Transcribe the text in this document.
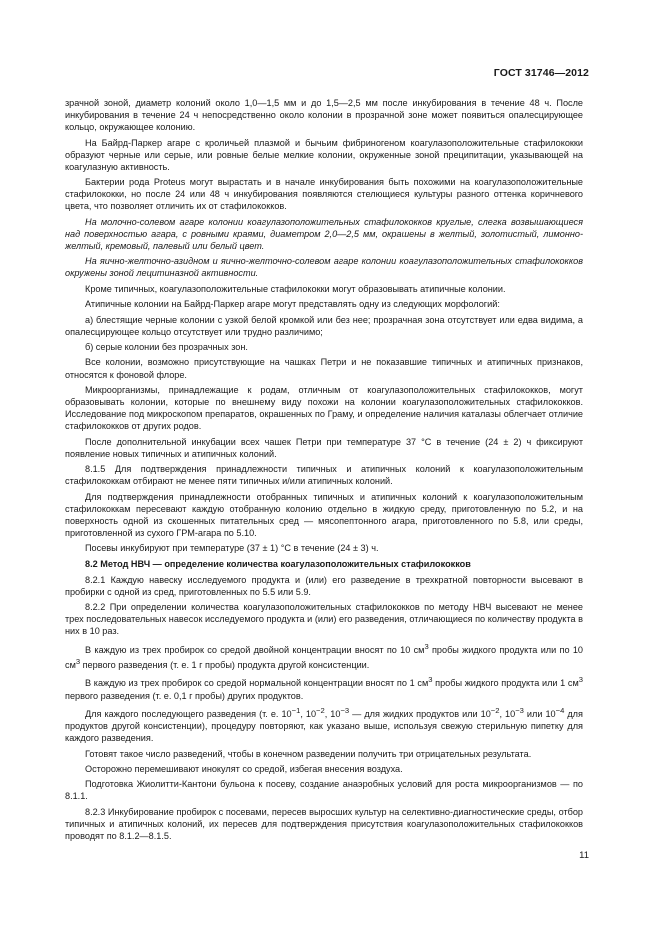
ГОСТ 31746—2012

зрачной зоной, диаметр колоний около 1,0—1,5 мм и до 1,5—2,5 мм после инкубирования в течение 48 ч. После инкубирования в течение 24 ч непосредственно около колонии в прозрачной зоне может появиться опалесцирующее кольцо, окружающее колонию.

На Байрд-Паркер агаре с кроличьей плазмой и бычьим фибриногеном коагулазоположительные стафилококки образуют черные или серые, или ровные белые мелкие колонии, окруженные зоной преципитации, указывающей на коагулазную активность.

Бактерии рода Proteus могут вырастать и в начале инкубирования быть похожими на коагулазоположительные стафилококки, но после 24 или 48 ч инкубирования появляются стелющиеся культуры разного оттенка коричневого цвета, что позволяет отличить их от стафилококков.

На молочно-солевом агаре колонии коагулазоположительных стафилококков круглые, слегка возвышающиеся над поверхностью агара, с ровными краями, диаметром 2,0—2,5 мм, окрашены в желтый, золотистый, лимонно-желтый, кремовый, палевый или белый цвет.

На яично-желточно-азидном и яично-желточно-солевом агаре колонии коагулазоположительных стафилококков окружены зоной лецитиназной активности.

Кроме типичных, коагулазоположительные стафилококки могут образовывать атипичные колонии.

Атипичные колонии на Байрд-Паркер агаре могут представлять одну из следующих морфологий:

а) блестящие черные колонии с узкой белой кромкой или без нее; прозрачная зона отсутствует или едва видима, а опалесцирующее кольцо отсутствует или трудно различимо;

б) серые колонии без прозрачных зон.

Все колонии, возможно присутствующие на чашках Петри и не показавшие типичных и атипичных признаков, относятся к фоновой флоре.

Микроорганизмы, принадлежащие к родам, отличным от коагулазоположительных стафилококков, могут образовывать колонии, которые по внешнему виду похожи на колонии коагулазоположительных стафилококков. Исследование под микроскопом препаратов, окрашенных по Граму, и определение наличия каталазы облегчает отличие стафилококков от других родов.

После дополнительной инкубации всех чашек Петри при температуре 37 °С в течение (24 ± 2) ч фиксируют появление новых типичных и атипичных колоний.

8.1.5 Для подтверждения принадлежности типичных и атипичных колоний к коагулазоположительным стафилококкам отбирают не менее пяти типичных и/или атипичных колоний.

Для подтверждения принадлежности отобранных типичных и атипичных колоний к коагулазоположительным стафилококкам пересевают каждую отобранную колонию отдельно в жидкую среду, приготовленную по 5.2, и на поверхность одной из скошенных питательных сред — мясопептонного агара, приготовленного по 5.8, или среды, приготовленной из сухого ГРМ-агара по 5.10.

Посевы инкубируют при температуре (37 ± 1) °С в течение (24 ± 3) ч.

8.2 Метод НВЧ — определение количества коагулазоположительных стафилококков

8.2.1 Каждую навеску исследуемого продукта и (или) его разведение в трехкратной повторности высевают в пробирки с одной из сред, приготовленных по 5.5 или 5.9.

8.2.2 При определении количества коагулазоположительных стафилококков по методу НВЧ высевают не менее трех последовательных навесок исследуемого продукта и (или) его разведения, отличающиеся по количеству продукта в них в 10 раз.

В каждую из трех пробирок со средой двойной концентрации вносят по 10 $см^3$ пробы жидкого продукта или по 10 $см^3$ первого разведения (т. е. 1 г пробы) продукта другой консистенции.

В каждую из трех пробирок со средой нормальной концентрации вносят по 1 $см^3$ пробы жидкого продукта или 1 $см^3$ первого разведения (т. е. 0,1 г пробы) других продуктов.

Для каждого последующего разведения (т. е. $10^{-1}$, $10^{-2}$, $10^{-3}$ — для жидких продуктов или $10^{-2}$, $10^{-3}$ или $10^{-4}$ для продуктов другой консистенции), процедуру повторяют, как указано выше, используя свежую стерильную пипетку для каждого разведения.

Готовят такое число разведений, чтобы в конечном разведении получить три отрицательных результата.

Осторожно перемешивают инокулят со средой, избегая внесения воздуха.

Подготовка Жиолитти-Кантони бульона к посеву, создание анаэробных условий для роста микроорганизмов — по 8.1.1.

8.2.3 Инкубирование пробирок с посевами, пересев выросших культур на селективно-диагностические среды, отбор типичных и атипичных колоний, их пересев для подтверждения присутствия коагулазоположительных стафилококков проводят по 8.1.2—8.1.5.

11
